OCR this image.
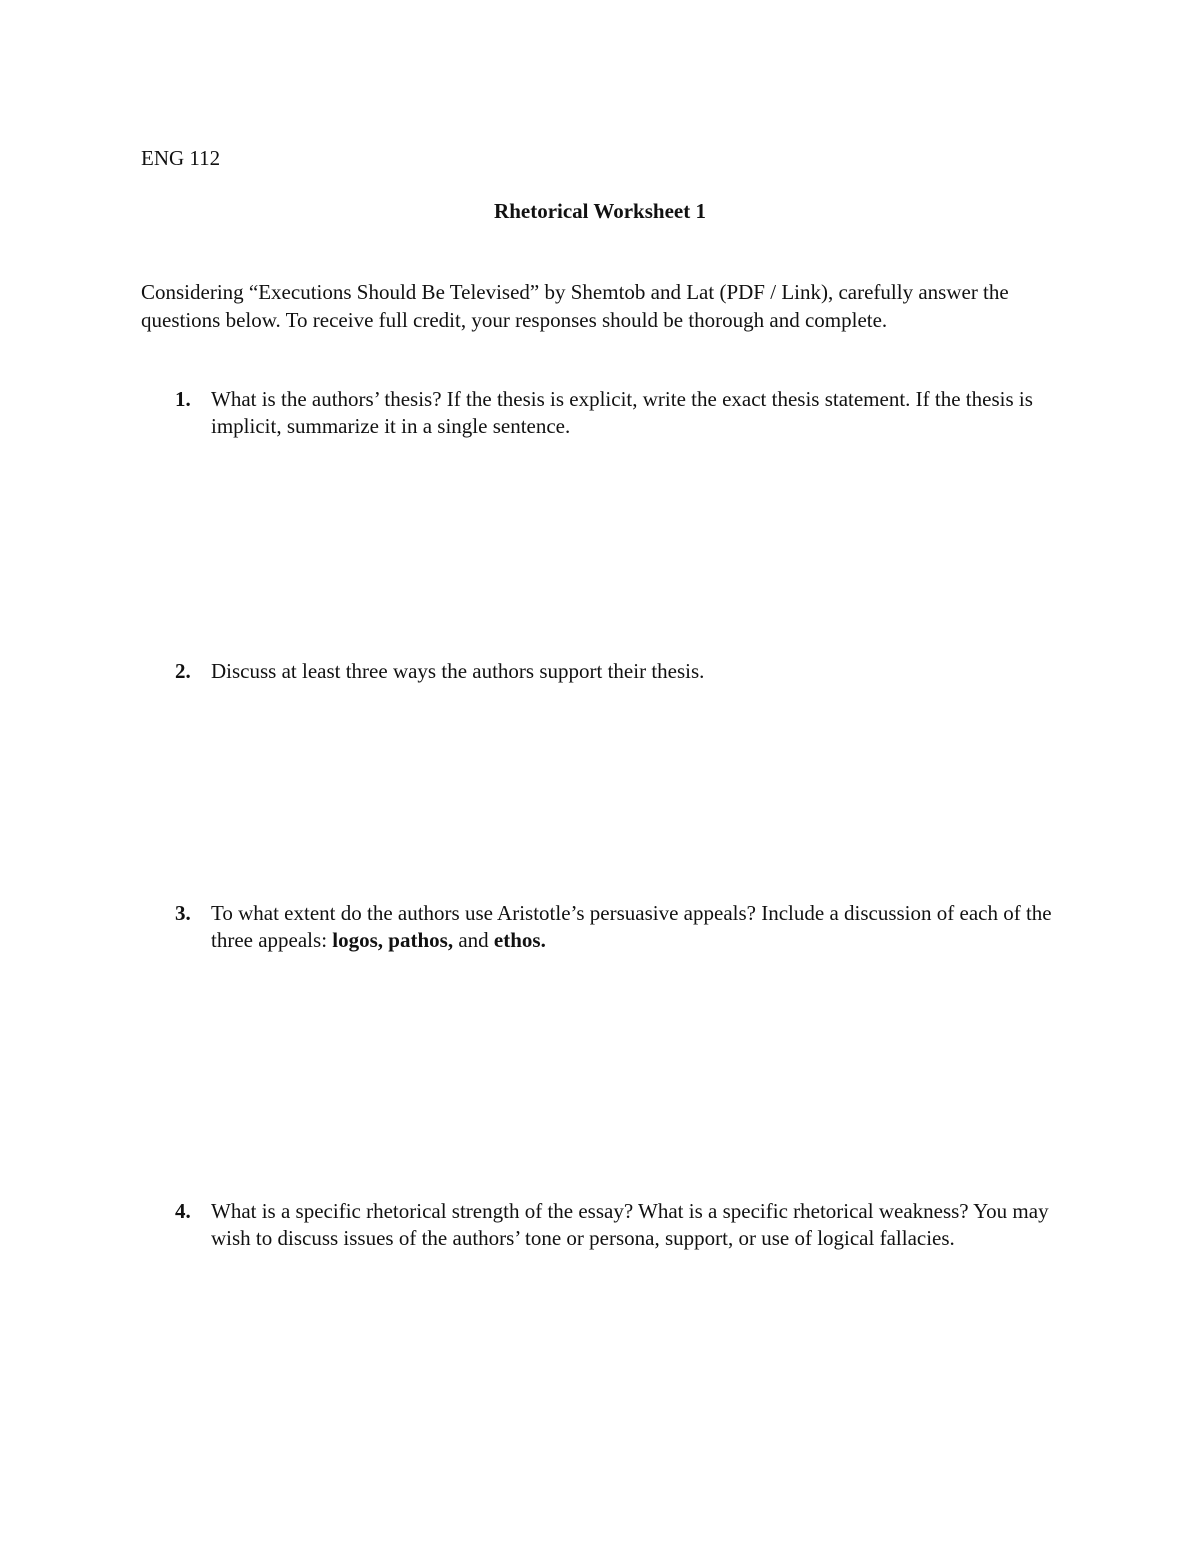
ENG 112
Rhetorical Worksheet 1

Considering “Executions Should Be Televised” by Shemtob and Lat (PDF / Link), carefully answer the questions below. To receive full credit, your responses should be thorough and complete.

1. What is the authors’ thesis? If the thesis is explicit, write the exact thesis statement. If the thesis is implicit, summarize it in a single sentence.
2. Discuss at least three ways the authors support their thesis.
3. To what extent do the authors use Aristotle’s persuasive appeals? Include a discussion of each of the three appeals: logos, pathos, and ethos.
4. What is a specific rhetorical strength of the essay? What is a specific rhetorical weakness? You may wish to discuss issues of the authors’ tone or persona, support, or use of logical fallacies.
